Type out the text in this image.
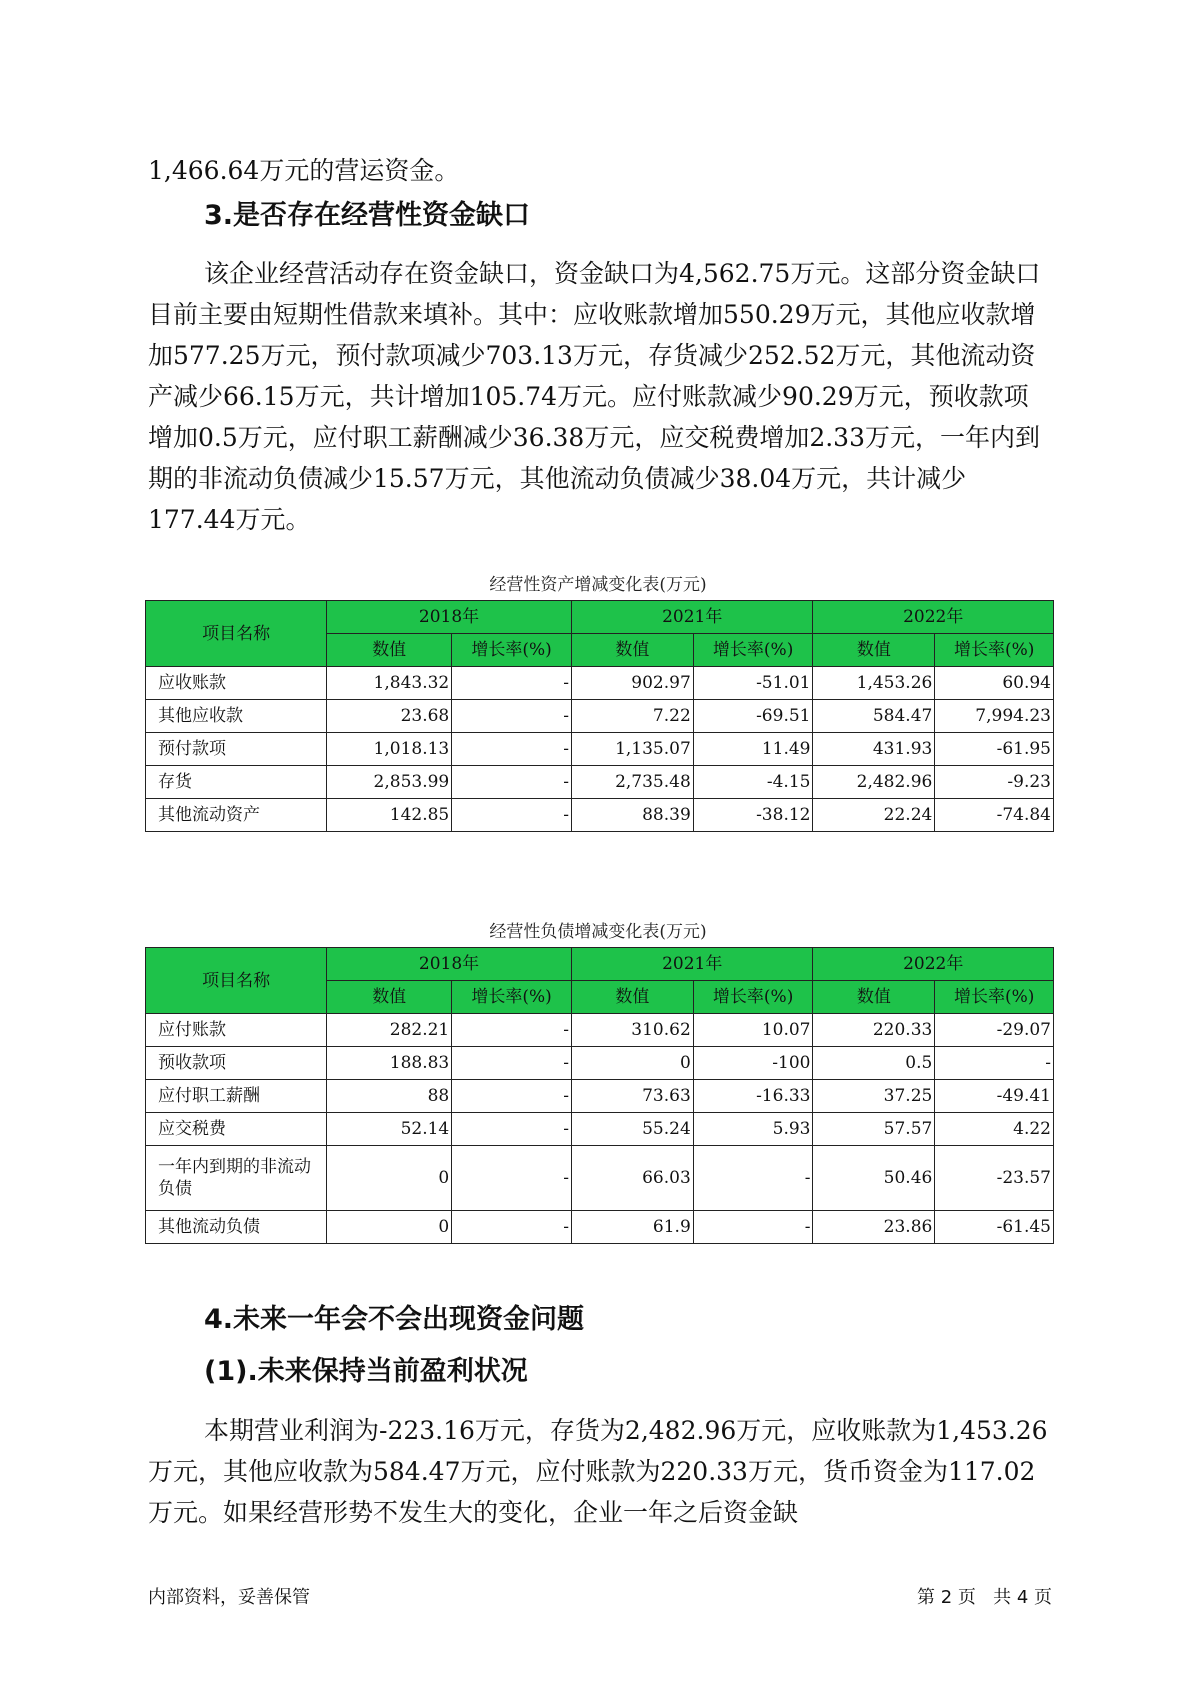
1,466.64万元的营运资金。

3.是否存在经营性资金缺口

该企业经营活动存在资金缺口，资金缺口为4,562.75万元。这部分资金缺口目前主要由短期性借款来填补。其中：应收账款增加550.29万元，其他应收款增加577.25万元，预付款项减少703.13万元，存货减少252.52万元，其他流动资产减少66.15万元，共计增加105.74万元。应付账款减少90.29万元，预收款项增加0.5万元，应付职工薪酬减少36.38万元，应交税费增加2.33万元，一年内到期的非流动负债减少15.57万元，其他流动负债减少38.04万元，共计减少177.44万元。

经营性资产增减变化表(万元)
项目名称	2018年		2021年		2022年	
	数值	增长率(%)	数值	增长率(%)	数值	增长率(%)
应收账款	1,843.32	-	902.97	-51.01	1,453.26	60.94
其他应收款	23.68	-	7.22	-69.51	584.47	7,994.23
预付款项	1,018.13	-	1,135.07	11.49	431.93	-61.95
存货	2,853.99	-	2,735.48	-4.15	2,482.96	-9.23
其他流动资产	142.85	-	88.39	-38.12	22.24	-74.84
经营性负债增减变化表(万元)
项目名称	2018年		2021年		2022年	
	数值	增长率(%)	数值	增长率(%)	数值	增长率(%)
应付账款	282.21	-	310.62	10.07	220.33	-29.07
预收款项	188.83	-	0	-100	0.5	-
应付职工薪酬	88	-	73.63	-16.33	37.25	-49.41
应交税费	52.14	-	55.24	5.93	57.57	4.22
一年内到期的非流动负债	0	-	66.03	-	50.46	-23.57
其他流动负债	0	-	61.9	-	23.86	-61.45
4.未来一年会不会出现资金问题
(1).未来保持当前盈利状况

本期营业利润为-223.16万元，存货为2,482.96万元，应收账款为1,453.26万元，其他应收款为584.47万元，应付账款为220.33万元，货币资金为117.02万元。如果经营形势不发生大的变化，企业一年之后资金缺

内部资料，妥善保管	第 2 页   共 4 页
